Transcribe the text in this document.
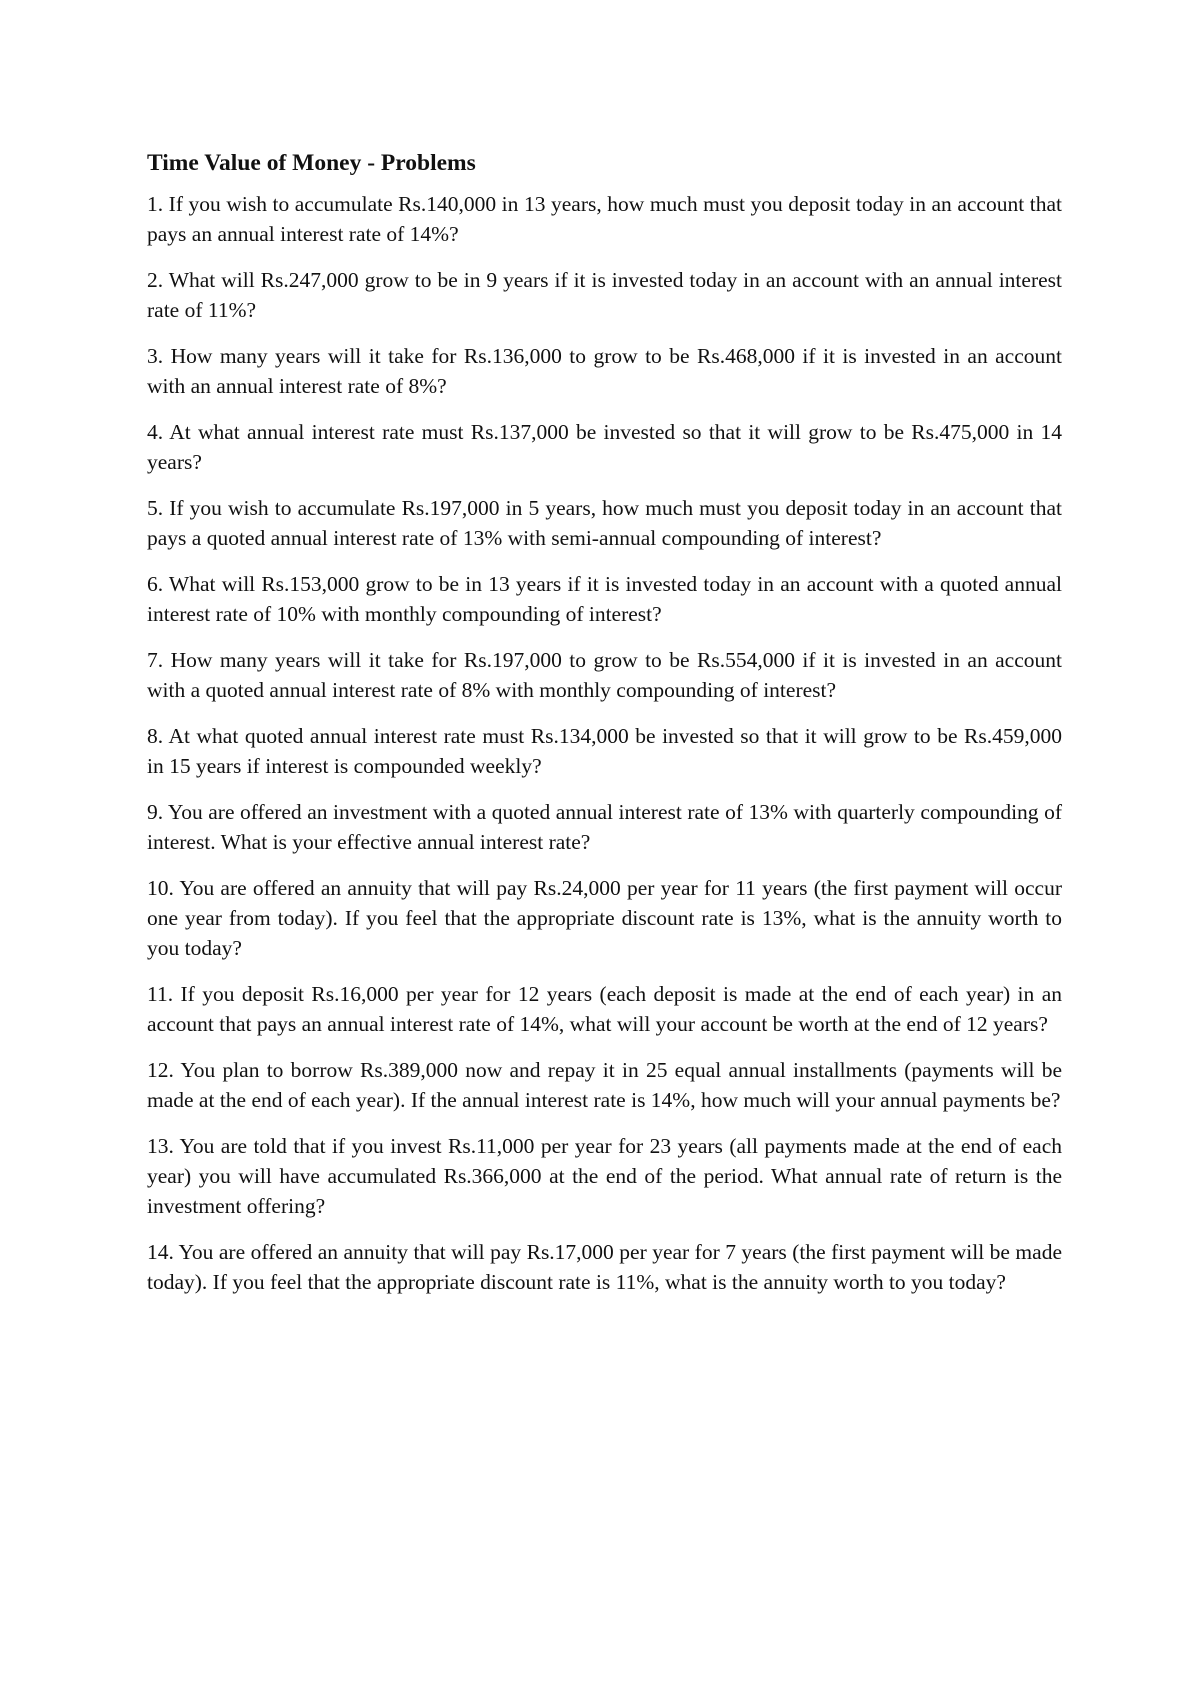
Time Value of Money - Problems

1. If you wish to accumulate Rs.140,000 in 13 years, how much must you deposit today in an account that pays an annual interest rate of 14%?

2. What will Rs.247,000 grow to be in 9 years if it is invested today in an account with an annual interest rate of 11%?

3. How many years will it take for Rs.136,000 to grow to be Rs.468,000 if it is invested in an account with an annual interest rate of 8%?

4. At what annual interest rate must Rs.137,000 be invested so that it will grow to be Rs.475,000 in 14 years?

5. If you wish to accumulate Rs.197,000 in 5 years, how much must you deposit today in an account that pays a quoted annual interest rate of 13% with semi-annual compounding of interest?

6. What will Rs.153,000 grow to be in 13 years if it is invested today in an account with a quoted annual interest rate of 10% with monthly compounding of interest?

7. How many years will it take for Rs.197,000 to grow to be Rs.554,000 if it is invested in an account with a quoted annual interest rate of 8% with monthly compounding of interest?

8. At what quoted annual interest rate must Rs.134,000 be invested so that it will grow to be Rs.459,000 in 15 years if interest is compounded weekly?

9. You are offered an investment with a quoted annual interest rate of 13% with quarterly compounding of interest. What is your effective annual interest rate?

10. You are offered an annuity that will pay Rs.24,000 per year for 11 years (the first payment will occur one year from today). If you feel that the appropriate discount rate is 13%, what is the annuity worth to you today?

11. If you deposit Rs.16,000 per year for 12 years (each deposit is made at the end of each year) in an account that pays an annual interest rate of 14%, what will your account be worth at the end of 12 years?

12. You plan to borrow Rs.389,000 now and repay it in 25 equal annual installments (payments will be made at the end of each year). If the annual interest rate is 14%, how much will your annual payments be?

13. You are told that if you invest Rs.11,000 per year for 23 years (all payments made at the end of each year) you will have accumulated Rs.366,000 at the end of the period. What annual rate of return is the investment offering?

14. You are offered an annuity that will pay Rs.17,000 per year for 7 years (the first payment will be made today). If you feel that the appropriate discount rate is 11%, what is the annuity worth to you today?
